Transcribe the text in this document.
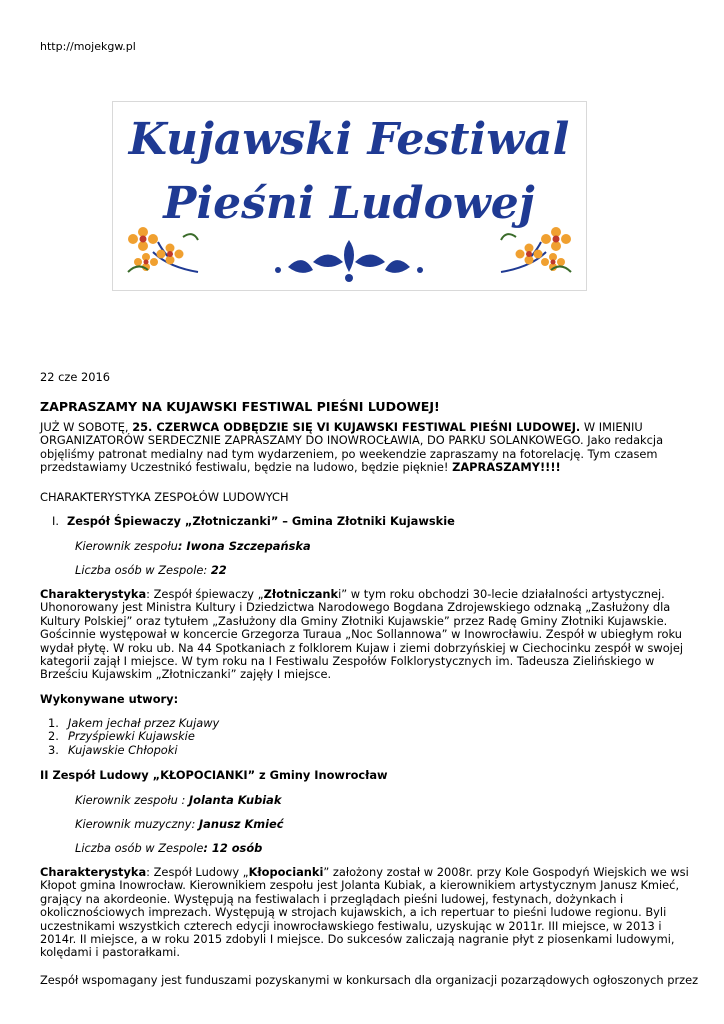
http://mojekgw.pl
Kujawski Festiwal
Pieśni Ludowej
22 cze 2016
ZAPRASZAMY NA KUJAWSKI FESTIWAL PIEŚNI LUDOWEJ!
JUŻ W SOBOTĘ, 25. CZERWCA ODBĘDZIE SIĘ VI KUJAWSKI FESTIWAL PIEŚNI LUDOWEJ. W IMIENIU ORGANIZATORÓW SERDECZNIE ZAPRASZAMY DO INOWROCŁAWIA, DO PARKU SOLANKOWEGO. Jako redakcja objęliśmy patronat medialny nad tym wydarzeniem, po weekendzie zapraszamy na fotorelację. Tym czasem przedstawiamy Uczestnikó festiwalu, będzie na ludowo, będzie pięknie! ZAPRASZAMY!!!!
CHARAKTERYSTYKA ZESPOŁÓW LUDOWYCH
I. Zespół Śpiewaczy „Złotniczanki” – Gmina Złotniki Kujawskie
Kierownik zespołu: Iwona Szczepańska
Liczba osób w Zespole: 22
Charakterystyka: Zespół śpiewaczy „Złotniczanki” w tym roku obchodzi 30-lecie działalności artystycznej. Uhonorowany jest Ministra Kultury i Dziedzictwa Narodowego Bogdana Zdrojewskiego odznaką „Zasłużony dla Kultury Polskiej” oraz tytułem „Zasłużony dla Gminy Złotniki Kujawskie” przez Radę Gminy Złotniki Kujawskie. Gościnnie występował w koncercie Grzegorza Turaua „Noc Sollannowa” w Inowrocławiu. Zespół w ubiegłym roku wydał płytę. W roku ub. Na 44 Spotkaniach z folklorem Kujaw i ziemi dobrzyńskiej w Ciechocinku zespół w swojej kategorii zajął I miejsce. W tym roku na I Festiwalu Zespołów Folklorystycznych im. Tadeusza Zielińskiego w Brześciu Kujawskim „Złotniczanki” zajęły I miejsce.
Wykonywane utwory:
1. Jakem jechał przez Kujawy
2. Przyśpiewki Kujawskie
3. Kujawskie Chłopoki
II Zespół Ludowy „KŁOPOCIANKI” z Gminy Inowrocław
Kierownik zespołu : Jolanta Kubiak
Kierownik muzyczny: Janusz Kmieć
Liczba osób w Zespole: 12 osób
Charakterystyka: Zespół Ludowy „Kłopocianki” założony został w 2008r. przy Kole Gospodyń Wiejskich we wsi Kłopot gmina Inowrocław. Kierownikiem zespołu jest Jolanta Kubiak, a kierownikiem artystycznym Janusz Kmieć, grający na akordeonie. Występują na festiwalach i przeglądach pieśni ludowej, festynach, dożynkach i okolicznościowych imprezach. Występują w strojach kujawskich, a ich repertuar to pieśni ludowe regionu. Byli uczestnikami wszystkich czterech edycji inowrocławskiego festiwalu, uzyskując w 2011r. III miejsce, w 2013 i 2014r. II miejsce, a w roku 2015 zdobyli I miejsce. Do sukcesów zaliczają nagranie płyt z piosenkami ludowymi, kolędami i pastorałkami.
Zespół wspomagany jest funduszami pozyskanymi w konkursach dla organizacji pozarządowych ogłoszonych przez
